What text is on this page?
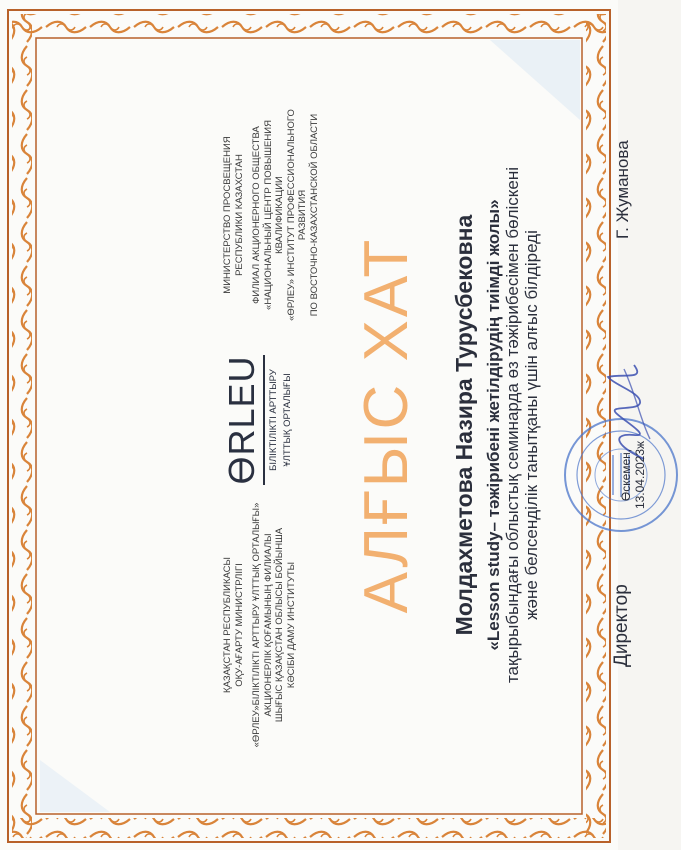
ҚАЗАҚСТАН РЕСПУБЛИКАСЫ ОҚУ-АҒАРТУ МИНИСТРЛІГІ «ӨРЛЕУ»БІЛІКТІЛІКТІ АРТТЫРУ ҰЛТТЫҚ ОРТАЛЫҒЫ» АКЦИОНЕРЛІК ҚОҒАМЫНЫҢ ФИЛИАЛЫ ШЫҒЫС ҚАЗАҚСТАН ОБЛЫСЫ БОЙЫНША КӘСІБИ ДАМУ ИНСТИТУТЫ
ӨRLEU БІЛІКТІЛІКТІ АРТТЫРУ ҰЛТТЫҚ ОРТАЛЫҒЫ
МИНИСТЕРСТВО ПРОСВЕЩЕНИЯ РЕСПУБЛИКИ КАЗАХСТАН ФИЛИАЛ АКЦИОНЕРНОГО ОБЩЕСТВА «НАЦИОНАЛЬНЫЙ ЦЕНТР ПОВЫШЕНИЯ КВАЛИФИКАЦИИ «ӨРЛЕУ» ИНСТИТУТ ПРОФЕССИОНАЛЬНОГО РАЗВИТИЯ ПО ВОСТОЧНО-КАЗАХСТАНСКОЙ ОБЛАСТИ
АЛҒЫС ХАТ Молдахметова Назира Турусбековна «Lesson study– тәжірибені жетілдірудің тиімді жолы» тақырыбындағы облыстық семинарда өз тәжірибесімен бөліскені және белсенділік танытқаны үшін алғыс білдіреді
Директор
Өскемен, 13.04.2023ж
Г. Жуманова
